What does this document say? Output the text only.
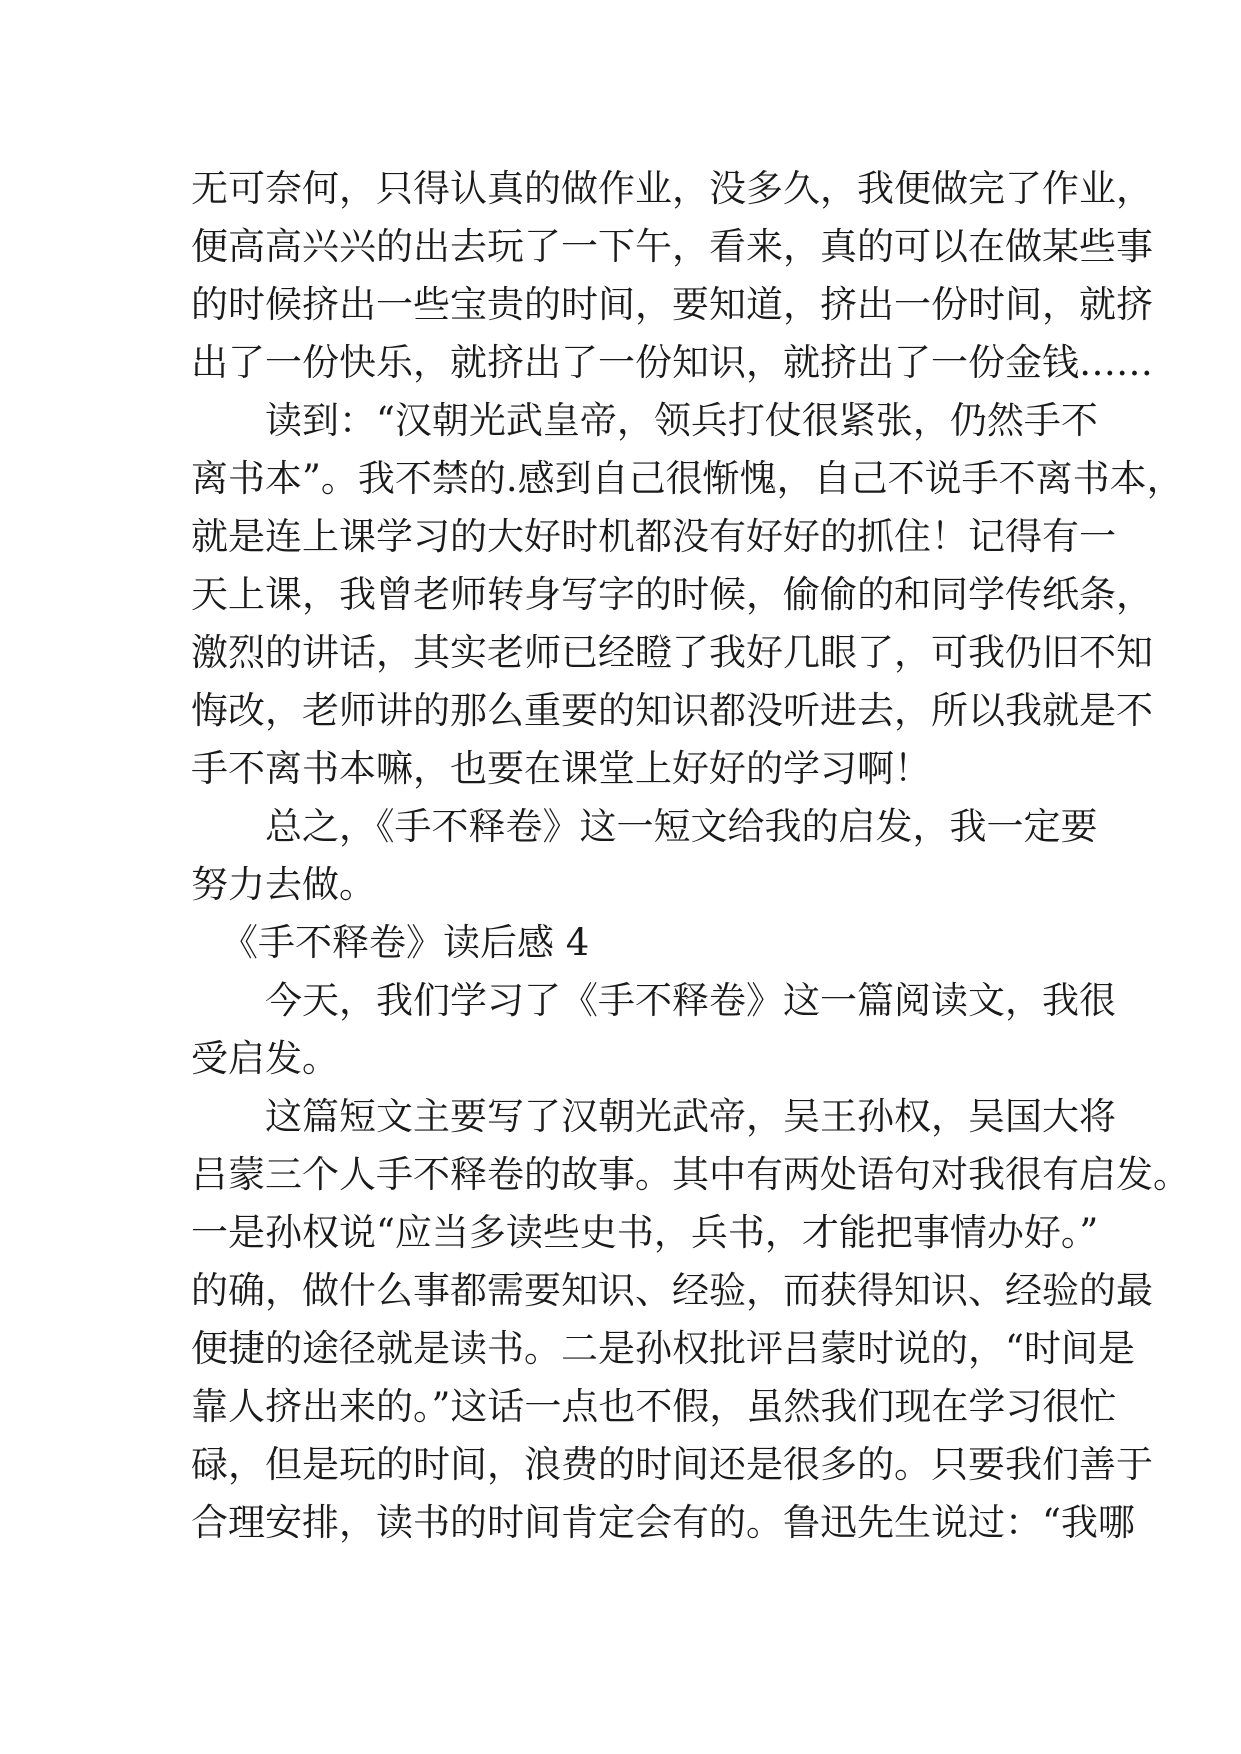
无可奈何，只得认真的做作业，没多久，我便做完了作业，
便高高兴兴的出去玩了一下午，看来，真的可以在做某些事
的时候挤出一些宝贵的时间，要知道，挤出一份时间，就挤
出了一份快乐，就挤出了一份知识，就挤出了一份金钱……
读到：“汉朝光武皇帝，领兵打仗很紧张，仍然手不
离书本”。我不禁的.感到自己很惭愧，自己不说手不离书本，
就是连上课学习的大好时机都没有好好的抓住！记得有一
天上课，我曾老师转身写字的时候，偷偷的和同学传纸条，
激烈的讲话，其实老师已经瞪了我好几眼了，可我仍旧不知
悔改，老师讲的那么重要的知识都没听进去，所以我就是不
手不离书本嘛，也要在课堂上好好的学习啊！
总之，《手不释卷》这一短文给我的启发，我一定要
努力去做。
《手不释卷》读后感 4
今天，我们学习了《手不释卷》这一篇阅读文，我很
受启发。
这篇短文主要写了汉朝光武帝，吴王孙权，吴国大将
吕蒙三个人手不释卷的故事。其中有两处语句对我很有启发。
一是孙权说“应当多读些史书，兵书，才能把事情办好。”
的确，做什么事都需要知识、经验，而获得知识、经验的最
便捷的途径就是读书。二是孙权批评吕蒙时说的，“时间是
靠人挤出来的。”这话一点也不假，虽然我们现在学习很忙
碌，但是玩的时间，浪费的时间还是很多的。只要我们善于
合理安排，读书的时间肯定会有的。鲁迅先生说过：“我哪
